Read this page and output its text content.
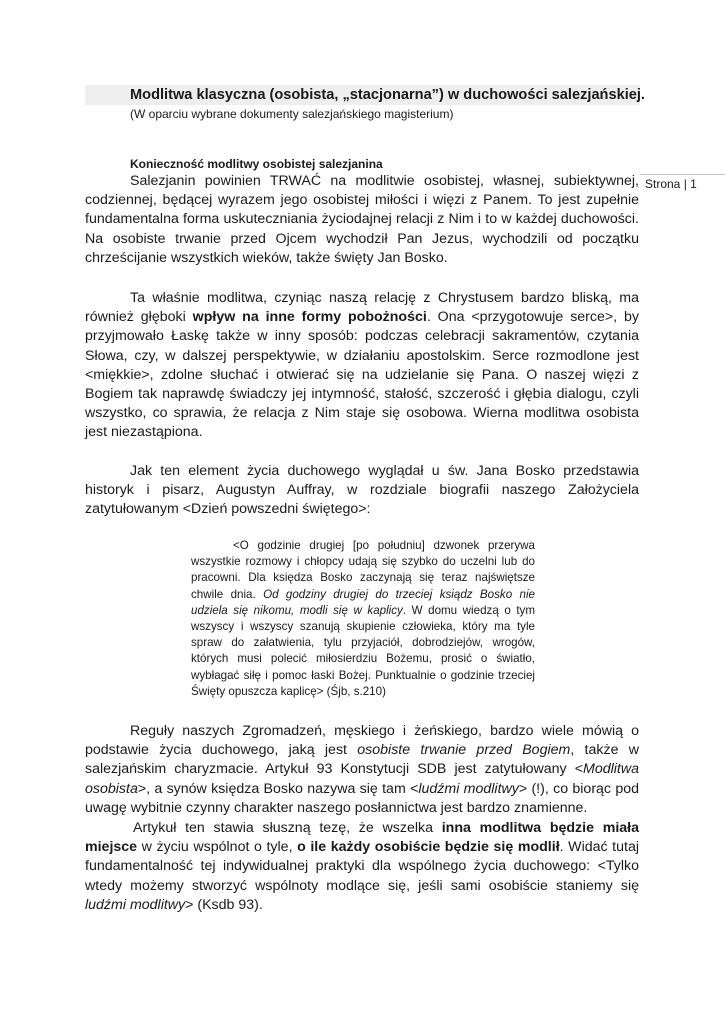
Modlitwa klasyczna (osobista, „stacjonarna”) w duchowości salezjańskiej.
(W oparciu wybrane dokumenty salezjańskiego magisterium)
Strona | 1
Konieczność modlitwy osobistej salezjanina

Salezjanin powinien TRWAĆ na modlitwie osobistej, własnej, subiektywnej, codziennej, będącej wyrazem jego osobistej miłości i więzi z Panem. To jest zupełnie fundamentalna forma uskuteczniania życiodajnej relacji z Nim i to w każdej duchowości. Na osobiste trwanie przed Ojcem wychodził Pan Jezus, wychodzili od początku chrześcijanie wszystkich wieków, także święty Jan Bosko.

Ta właśnie modlitwa, czyniąc naszą relację z Chrystusem bardzo bliską, ma również głęboki wpływ na inne formy pobożności. Ona <przygotowuje serce>, by przyjmowało Łaskę także w inny sposób: podczas celebracji sakramentów, czytania Słowa, czy, w dalszej perspektywie, w działaniu apostolskim. Serce rozmodlone jest <miękkie>, zdolne słuchać i otwierać się na udzielanie się Pana. O naszej więzi z Bogiem tak naprawdę świadczy jej intymność, stałość, szczerość i głębia dialogu, czyli wszystko, co sprawia, że relacja z Nim staje się osobowa. Wierna modlitwa osobista jest niezastąpiona.

Jak ten element życia duchowego wyglądał u św. Jana Bosko przedstawia historyk i pisarz, Augustyn Auffray, w rozdziale biografii naszego Założyciela zatytułowanym <Dzień powszedni świętego>:

<O godzinie drugiej [po południu] dzwonek przerywa wszystkie rozmowy i chłopcy udają się szybko do uczelni lub do pracowni. Dla księdza Bosko zaczynają się teraz najświętsze chwile dnia. Od godziny drugiej do trzeciej ksiądz Bosko nie udziela się nikomu, modli się w kaplicy. W domu wiedzą o tym wszyscy i wszyscy szanują skupienie człowieka, który ma tyle spraw do załatwienia, tylu przyjaciół, dobrodziejów, wrogów, których musi polecić miłosierdziu Bożemu, prosić o światło, wybłagać siłę i pomoc łaski Bożej. Punktualnie o godzinie trzeciej Święty opuszcza kaplicę> (Śjb, s.210)

Reguły naszych Zgromadzeń, męskiego i żeńskiego, bardzo wiele mówią o podstawie życia duchowego, jaką jest osobiste trwanie przed Bogiem, także w salezjańskim charyzmacie. Artykuł 93 Konstytucji SDB jest zatytułowany <Modlitwa osobista>, a synów księdza Bosko nazywa się tam <ludźmi modlitwy> (!), co biorąc pod uwagę wybitnie czynny charakter naszego posłannictwa jest bardzo znamienne.

Artykuł ten stawia słuszną tezę, że wszelka inna modlitwa będzie miała miejsce w życiu wspólnot o tyle, o ile każdy osobiście będzie się modlił. Widać tutaj fundamentalność tej indywidualnej praktyki dla wspólnego życia duchowego: <Tylko wtedy możemy stworzyć wspólnoty modlące się, jeśli sami osobiście staniemy się ludźmi modlitwy> (Ksdb 93).
